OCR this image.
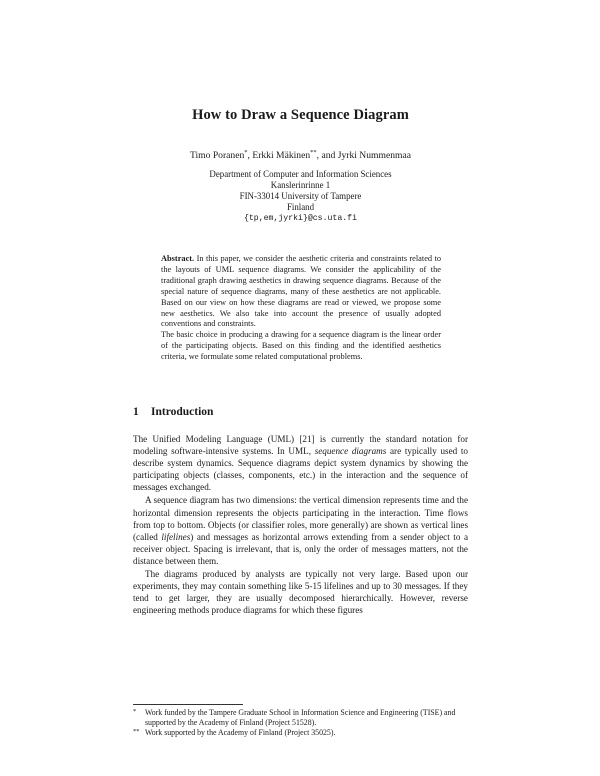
How to Draw a Sequence Diagram
Timo Poranen*, Erkki Mäkinen**, and Jyrki Nummenmaa
Department of Computer and Information Sciences
Kanslerinrinne 1
FIN-33014 University of Tampere
Finland
{tp,em,jyrki}@cs.uta.fi

Abstract. In this paper, we consider the aesthetic criteria and constraints related to the layouts of UML sequence diagrams. We consider the applicability of the traditional graph drawing aesthetics in drawing sequence diagrams. Because of the special nature of sequence diagrams, many of these aesthetics are not applicable. Based on our view on how these diagrams are read or viewed, we propose some new aesthetics. We also take into account the presence of usually adopted conventions and constraints.

The basic choice in producing a drawing for a sequence diagram is the linear order of the participating objects. Based on this finding and the identified aesthetics criteria, we formulate some related computational problems.

1 Introduction

The Unified Modeling Language (UML) [21] is currently the standard notation for modeling software-intensive systems. In UML, sequence diagrams are typically used to describe system dynamics. Sequence diagrams depict system dynamics by showing the participating objects (classes, components, etc.) in the interaction and the sequence of messages exchanged.

A sequence diagram has two dimensions: the vertical dimension represents time and the horizontal dimension represents the objects participating in the interaction. Time flows from top to bottom. Objects (or classifier roles, more generally) are shown as vertical lines (called lifelines) and messages as horizontal arrows extending from a sender object to a receiver object. Spacing is irrelevant, that is, only the order of messages matters, not the distance between them.

The diagrams produced by analysts are typically not very large. Based upon our experiments, they may contain something like 5-15 lifelines and up to 30 messages. If they tend to get larger, they are usually decomposed hierarchically. However, reverse engineering methods produce diagrams for which these figures

*	Work funded by the Tampere Graduate School in Information Science and Engineering (TISE) and supported by the Academy of Finland (Project 51528).
** Work supported by the Academy of Finland (Project 35025).
